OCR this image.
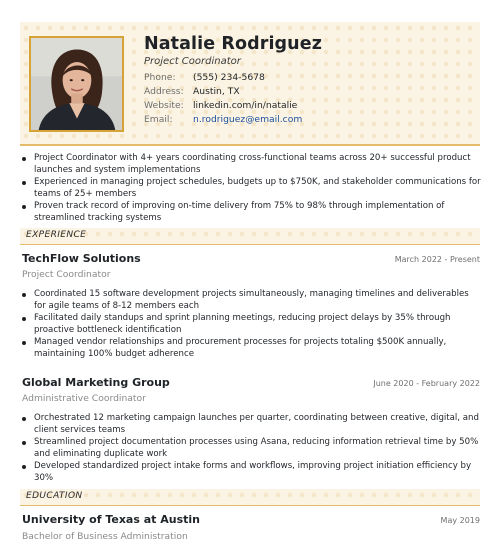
Natalie Rodriguez
Project Coordinator
Phone: (555) 234-5678
Address: Austin, TX
Website: linkedin.com/in/natalie
Email: n.rodriguez@email.com
Project Coordinator with 4+ years coordinating cross-functional teams across 20+ successful product launches and system implementations
Experienced in managing project schedules, budgets up to $750K, and stakeholder communications for teams of 25+ members
Proven track record of improving on-time delivery from 75% to 98% through implementation of streamlined tracking systems
EXPERIENCE
TechFlow Solutions	March 2022 - Present
Project Coordinator
Coordinated 15 software development projects simultaneously, managing timelines and deliverables for agile teams of 8-12 members each
Facilitated daily standups and sprint planning meetings, reducing project delays by 35% through proactive bottleneck identification
Managed vendor relationships and procurement processes for projects totaling $500K annually, maintaining 100% budget adherence
Global Marketing Group	June 2020 - February 2022
Administrative Coordinator
Orchestrated 12 marketing campaign launches per quarter, coordinating between creative, digital, and client services teams
Streamlined project documentation processes using Asana, reducing information retrieval time by 50% and eliminating duplicate work
Developed standardized project intake forms and workflows, improving project initiation efficiency by 30%
EDUCATION
University of Texas at Austin	May 2019
Bachelor of Business Administration
